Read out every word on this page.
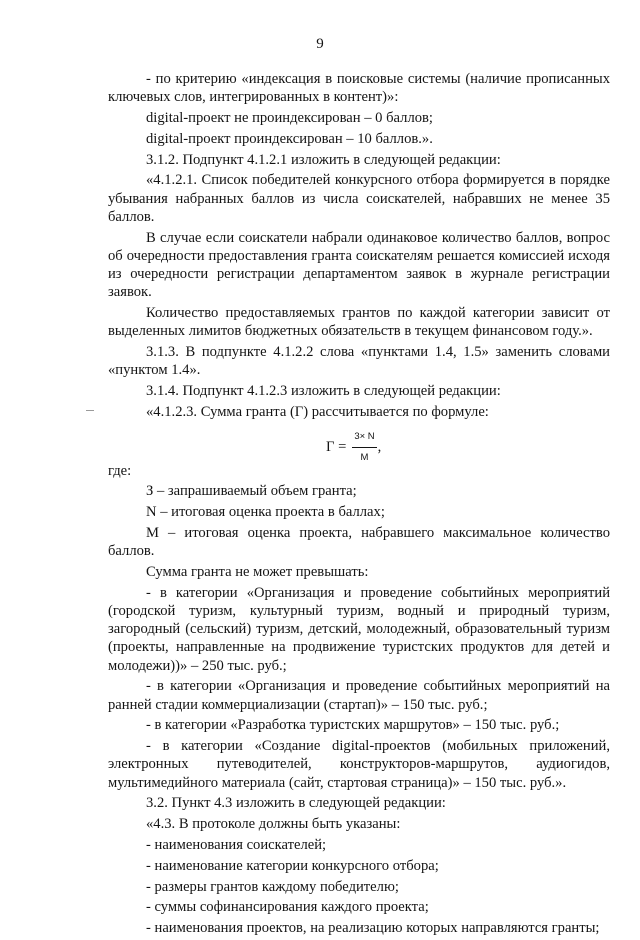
9

- по критерию «индексация в поисковые системы (наличие прописанных ключевых слов, интегрированных в контент)»:

digital-проект не проиндексирован – 0 баллов;

digital-проект проиндексирован – 10 баллов.».

3.1.2. Подпункт 4.1.2.1 изложить в следующей редакции:

«4.1.2.1. Список победителей конкурсного отбора формируется в порядке убывания набранных баллов из числа соискателей, набравших не менее 35 баллов.

В случае если соискатели набрали одинаковое количество баллов, вопрос об очередности предоставления гранта соискателям решается комиссией исходя из очередности регистрации департаментом заявок в журнале регистрации заявок.

Количество предоставляемых грантов по каждой категории зависит от выделенных лимитов бюджетных обязательств в текущем финансовом году.».

3.1.3. В подпункте 4.1.2.2 слова «пунктами 1.4, 1.5» заменить словами «пунктом 1.4».

3.1.4. Подпункт 4.1.2.3 изложить в следующей редакции:

«4.1.2.3. Сумма гранта (Г) рассчитывается по формуле:

$Г = \frac{3\times N}{M}$ ,

где:

З – запрашиваемый объем гранта;

N – итоговая оценка проекта в баллах;

М – итоговая оценка проекта, набравшего максимальное количество баллов.

Сумма гранта не может превышать:

- в категории «Организация и проведение событийных мероприятий (городской туризм, культурный туризм, водный и природный туризм, загородный (сельский) туризм, детский, молодежный, образовательный туризм (проекты, направленные на продвижение туристских продуктов для детей и молодежи))» – 250 тыс. руб.;

- в категории «Организация и проведение событийных мероприятий на ранней стадии коммерциализации (стартап)» – 150 тыс. руб.;

- в категории «Разработка туристских маршрутов» – 150 тыс. руб.;

- в категории «Создание digital-проектов (мобильных приложений, электронных путеводителей, конструкторов-маршрутов, аудиогидов, мультимедийного материала (сайт, стартовая страница)» – 150 тыс. руб.».

3.2. Пункт 4.3 изложить в следующей редакции:

«4.3. В протоколе должны быть указаны:

- наименования соискателей;

- наименование категории конкурсного отбора;

- размеры грантов каждому победителю;

- суммы софинансирования каждого проекта;

- наименования проектов, на реализацию которых направляются гранты;
